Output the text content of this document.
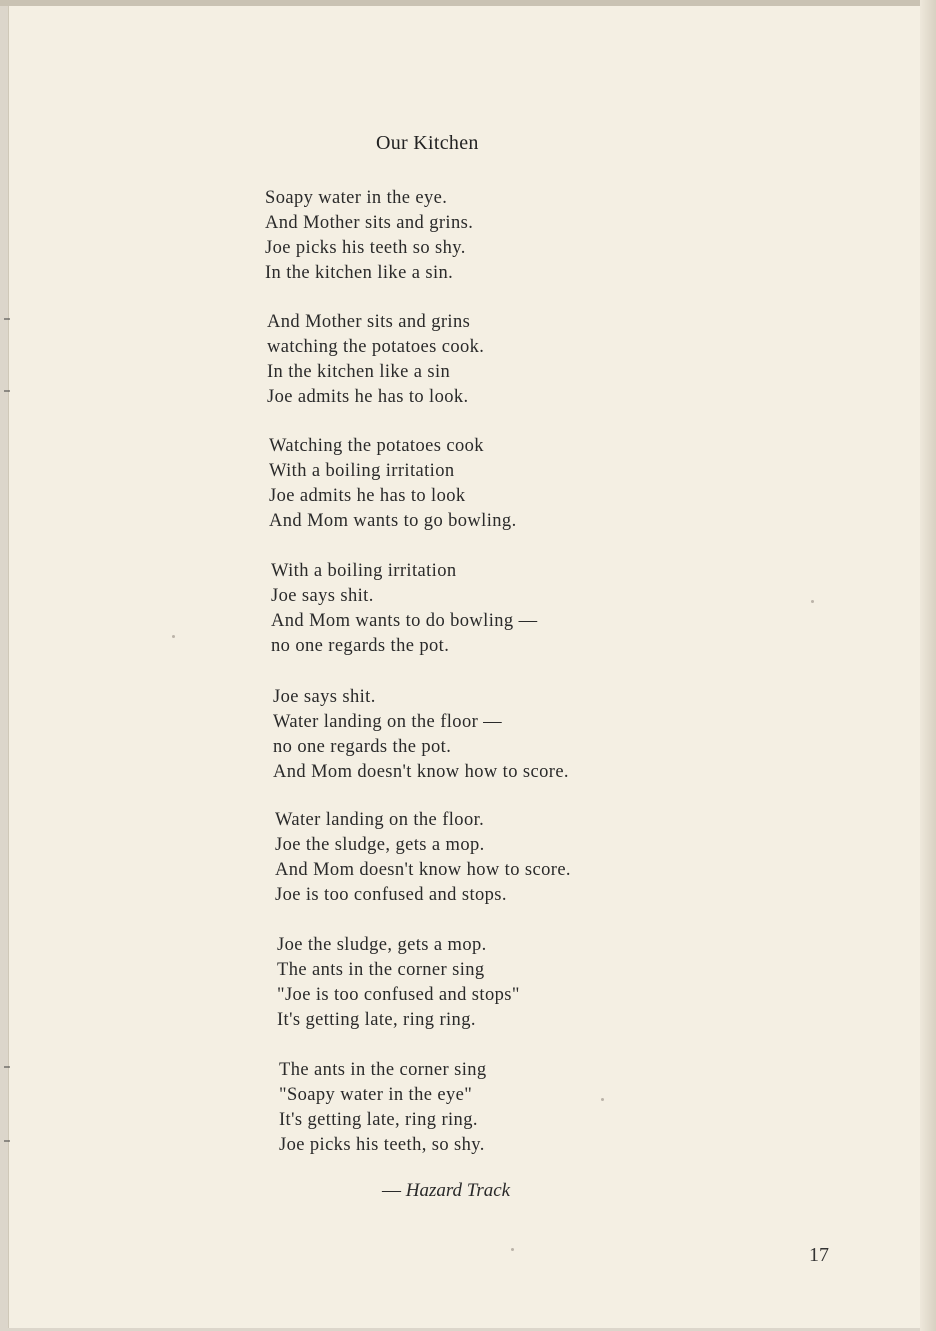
Our Kitchen
Soapy water in the eye.
And Mother sits and grins.
Joe picks his teeth so shy.
In the kitchen like a sin.
And Mother sits and grins
watching the potatoes cook.
In the kitchen like a sin
Joe admits he has to look.
Watching the potatoes cook
With a boiling irritation
Joe admits he has to look
And Mom wants to go bowling.
With a boiling irritation
Joe says shit.
And Mom wants to do bowling —
no one regards the pot.
Joe says shit.
Water landing on the floor —
no one regards the pot.
And Mom doesn't know how to score.
Water landing on the floor.
Joe the sludge, gets a mop.
And Mom doesn't know how to score.
Joe is too confused and stops.
Joe the sludge, gets a mop.
The ants in the corner sing
"Joe is too confused and stops"
It's getting late, ring ring.
The ants in the corner sing
"Soapy water in the eye"
It's getting late, ring ring.
Joe picks his teeth, so shy.
— Hazard Track
17
